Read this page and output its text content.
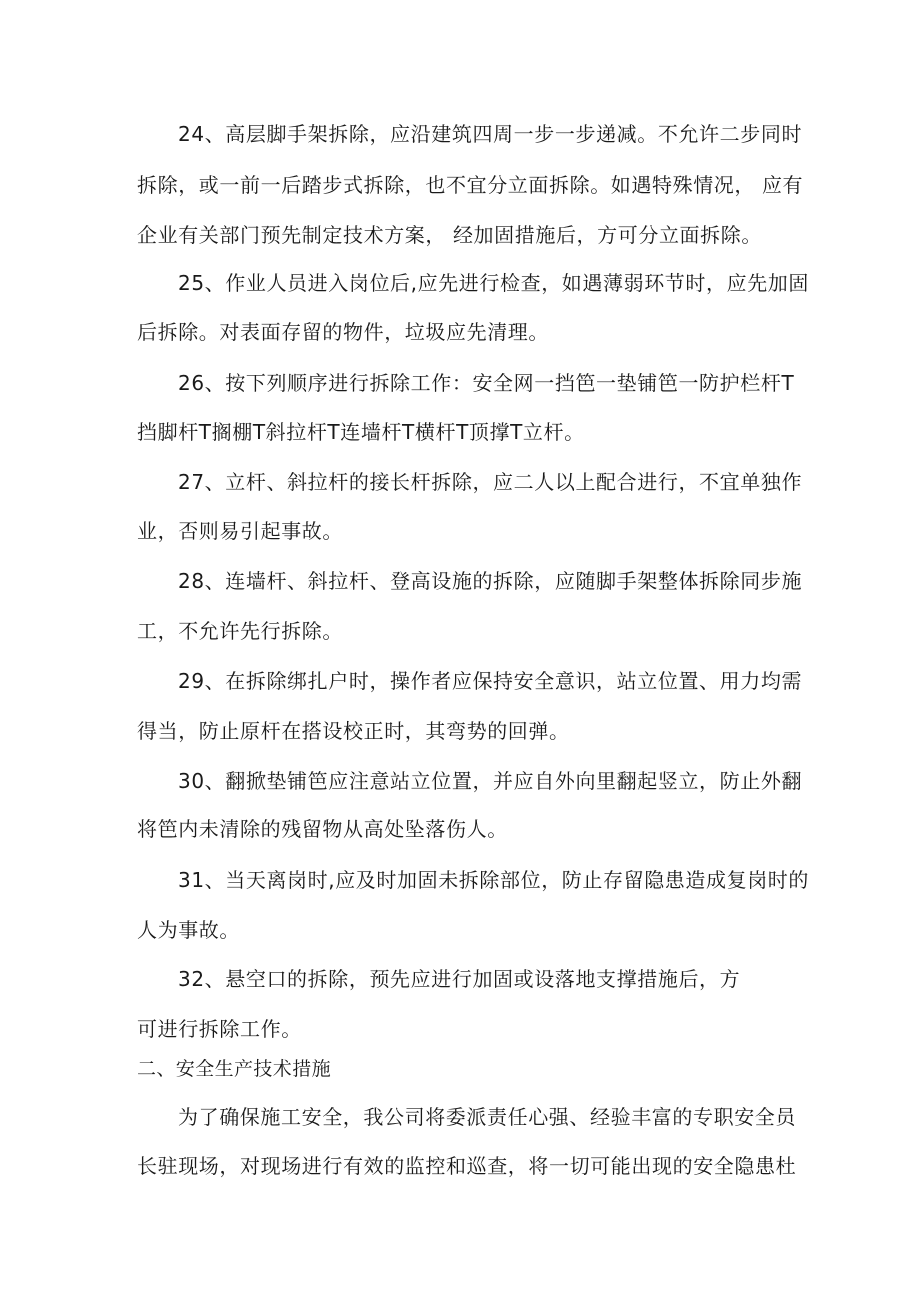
24、高层脚手架拆除，应沿建筑四周一步一步递减。不允许二步同时
拆除，或一前一后踏步式拆除，也不宜分立面拆除。如遇特殊情况， 应有
企业有关部门预先制定技术方案， 经加固措施后，方可分立面拆除。
25、作业人员进入岗位后,应先进行检查，如遇薄弱环节时，应先加固
后拆除。对表面存留的物件，垃圾应先清理。
26、按下列顺序进行拆除工作：安全网一挡笆一垫铺笆一防护栏杆T
挡脚杆T搁棚T斜拉杆T连墙杆T横杆T顶撑T立杆。
27、立杆、斜拉杆的接长杆拆除，应二人以上配合进行，不宜单独作
业，否则易引起事故。
28、连墙杆、斜拉杆、登高设施的拆除，应随脚手架整体拆除同步施
工，不允许先行拆除。
29、在拆除绑扎户时，操作者应保持安全意识，站立位置、用力均需
得当，防止原杆在搭设校正时，其弯势的回弹。
30、翻掀垫铺笆应注意站立位置，并应自外向里翻起竖立，防止外翻
将笆内未清除的残留物从高处坠落伤人。
31、当天离岗时,应及时加固未拆除部位，防止存留隐患造成复岗时的
人为事故。
32、悬空口的拆除，预先应进行加固或设落地支撑措施后，方
可进行拆除工作。
二、安全生产技术措施
为了确保施工安全，我公司将委派责任心强、经验丰富的专职安全员
长驻现场，对现场进行有效的监控和巡查，将一切可能出现的安全隐患杜
